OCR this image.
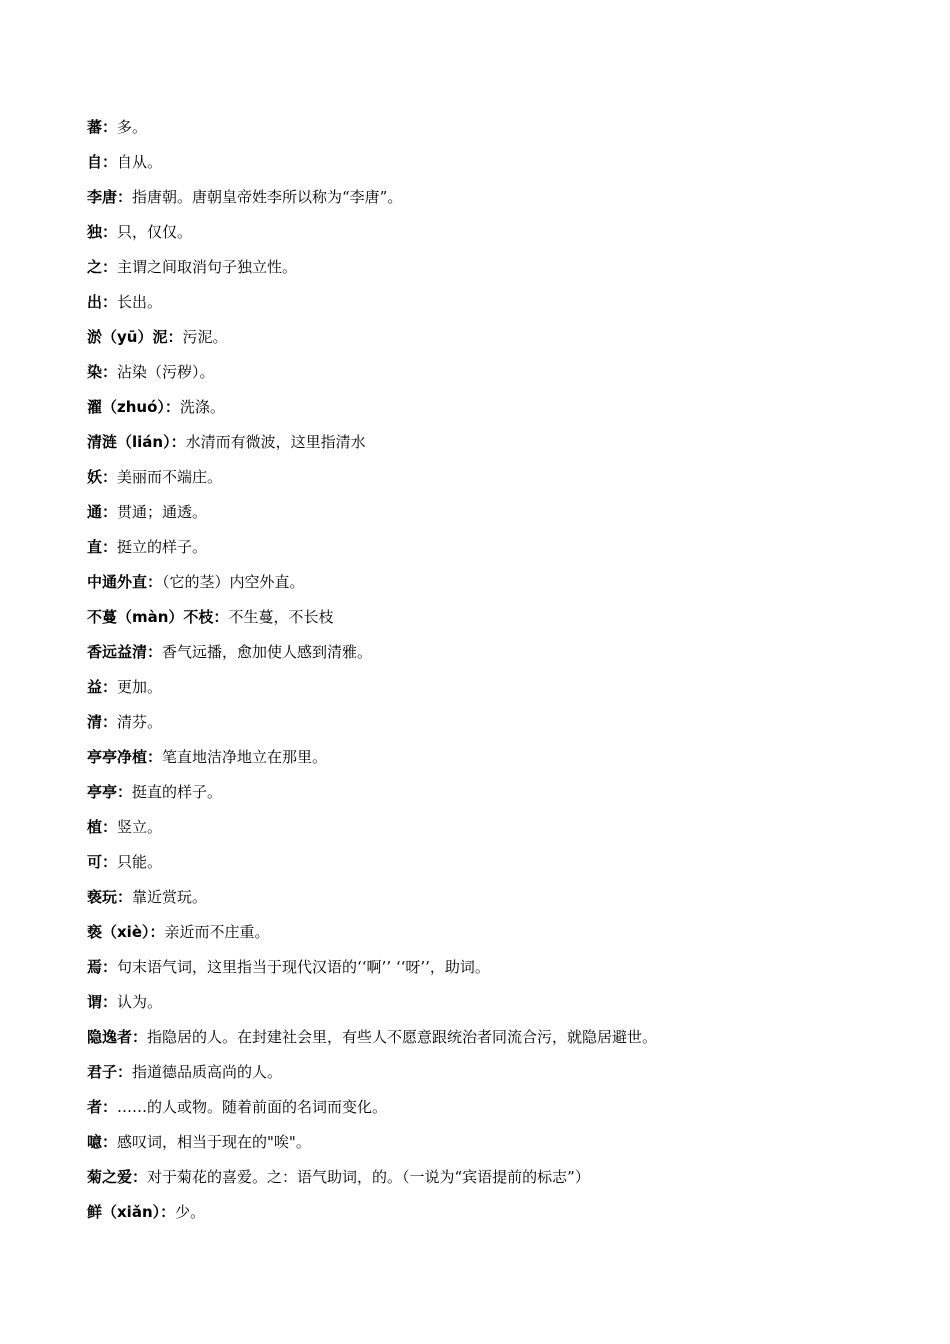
蕃：多。
自：自从。
李唐：指唐朝。唐朝皇帝姓李所以称为“李唐”。
独：只，仅仅。
之：主谓之间取消句子独立性。
出：长出。
淤（yū）泥：污泥。
染：沾染（污秽）。
濯（zhuó）：洗涤。
清涟（lián）：水清而有微波，这里指清水
妖：美丽而不端庄。
通：贯通；通透。
直：挺立的样子。
中通外直：（它的茎）内空外直。
不蔓（màn）不枝：不生蔓，不长枝
香远益清：香气远播，愈加使人感到清雅。
益：更加。
清：清芬。
亭亭净植：笔直地洁净地立在那里。
亭亭：挺直的样子。
植：竖立。
可：只能。
亵玩：靠近赏玩。
亵（xiè）：亲近而不庄重。
焉：句末语气词，这里指当于现代汉语的‘‘啊’’ ‘‘呀’’，助词。
谓：认为。
隐逸者：指隐居的人。在封建社会里，有些人不愿意跟统治者同流合污，就隐居避世。
君子：指道德品质高尚的人。
者：……的人或物。随着前面的名词而变化。
噫：感叹词，相当于现在的"唉"。
菊之爱：对于菊花的喜爱。之：语气助词，的。（一说为“宾语提前的标志”）
鲜（xiǎn）：少。
